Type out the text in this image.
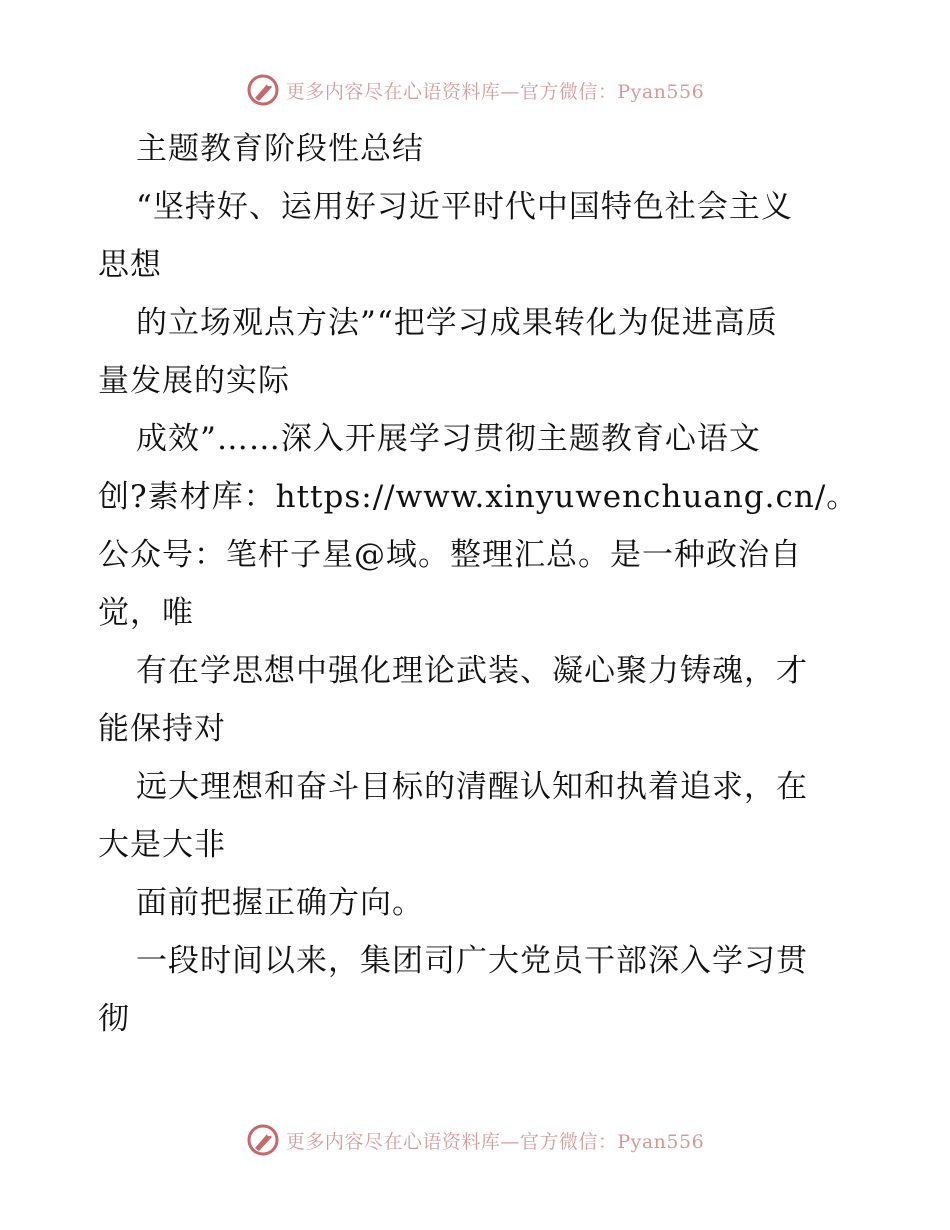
更多内容尽在心语资料库—官方微信：Pyan556
主题教育阶段性总结
“坚持好、运用好习近平时代中国特色社会主义
思想
的立场观点方法”“把学习成果转化为促进高质
量发展的实际
成效”……深入开展学习贯彻主题教育心语文
创?素材库：https://www.xinyuwenchuang.cn/。
公众号：笔杆子星@域。整理汇总。是一种政治自
觉，唯
有在学思想中强化理论武装、凝心聚力铸魂，才
能保持对
远大理想和奋斗目标的清醒认知和执着追求，在
大是大非
面前把握正确方向。
一段时间以来，集团司广大党员干部深入学习贯
彻
更多内容尽在心语资料库—官方微信：Pyan556
